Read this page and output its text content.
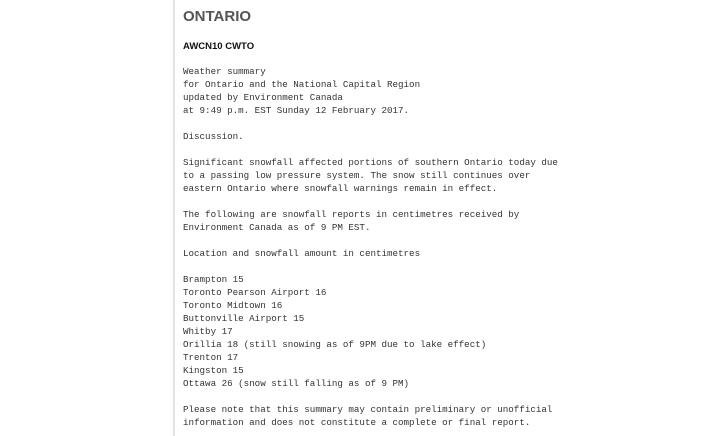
ONTARIO
AWCN10 CWTO
Weather summary
for Ontario and the National Capital Region
updated by Environment Canada
at 9:49 p.m. EST Sunday 12 February 2017.
Discussion.
Significant snowfall affected portions of southern Ontario today due
to a passing low pressure system. The snow still continues over
eastern Ontario where snowfall warnings remain in effect.
The following are snowfall reports in centimetres received by
Environment Canada as of 9 PM EST.
Location and snowfall amount in centimetres
Brampton 15
Toronto Pearson Airport 16
Toronto Midtown 16
Buttonville Airport 15
Whitby 17
Orillia 18 (still snowing as of 9PM due to lake effect)
Trenton 17
Kingston 15
Ottawa 26 (snow still falling as of 9 PM)
Please note that this summary may contain preliminary or unofficial
information and does not constitute a complete or final report.
